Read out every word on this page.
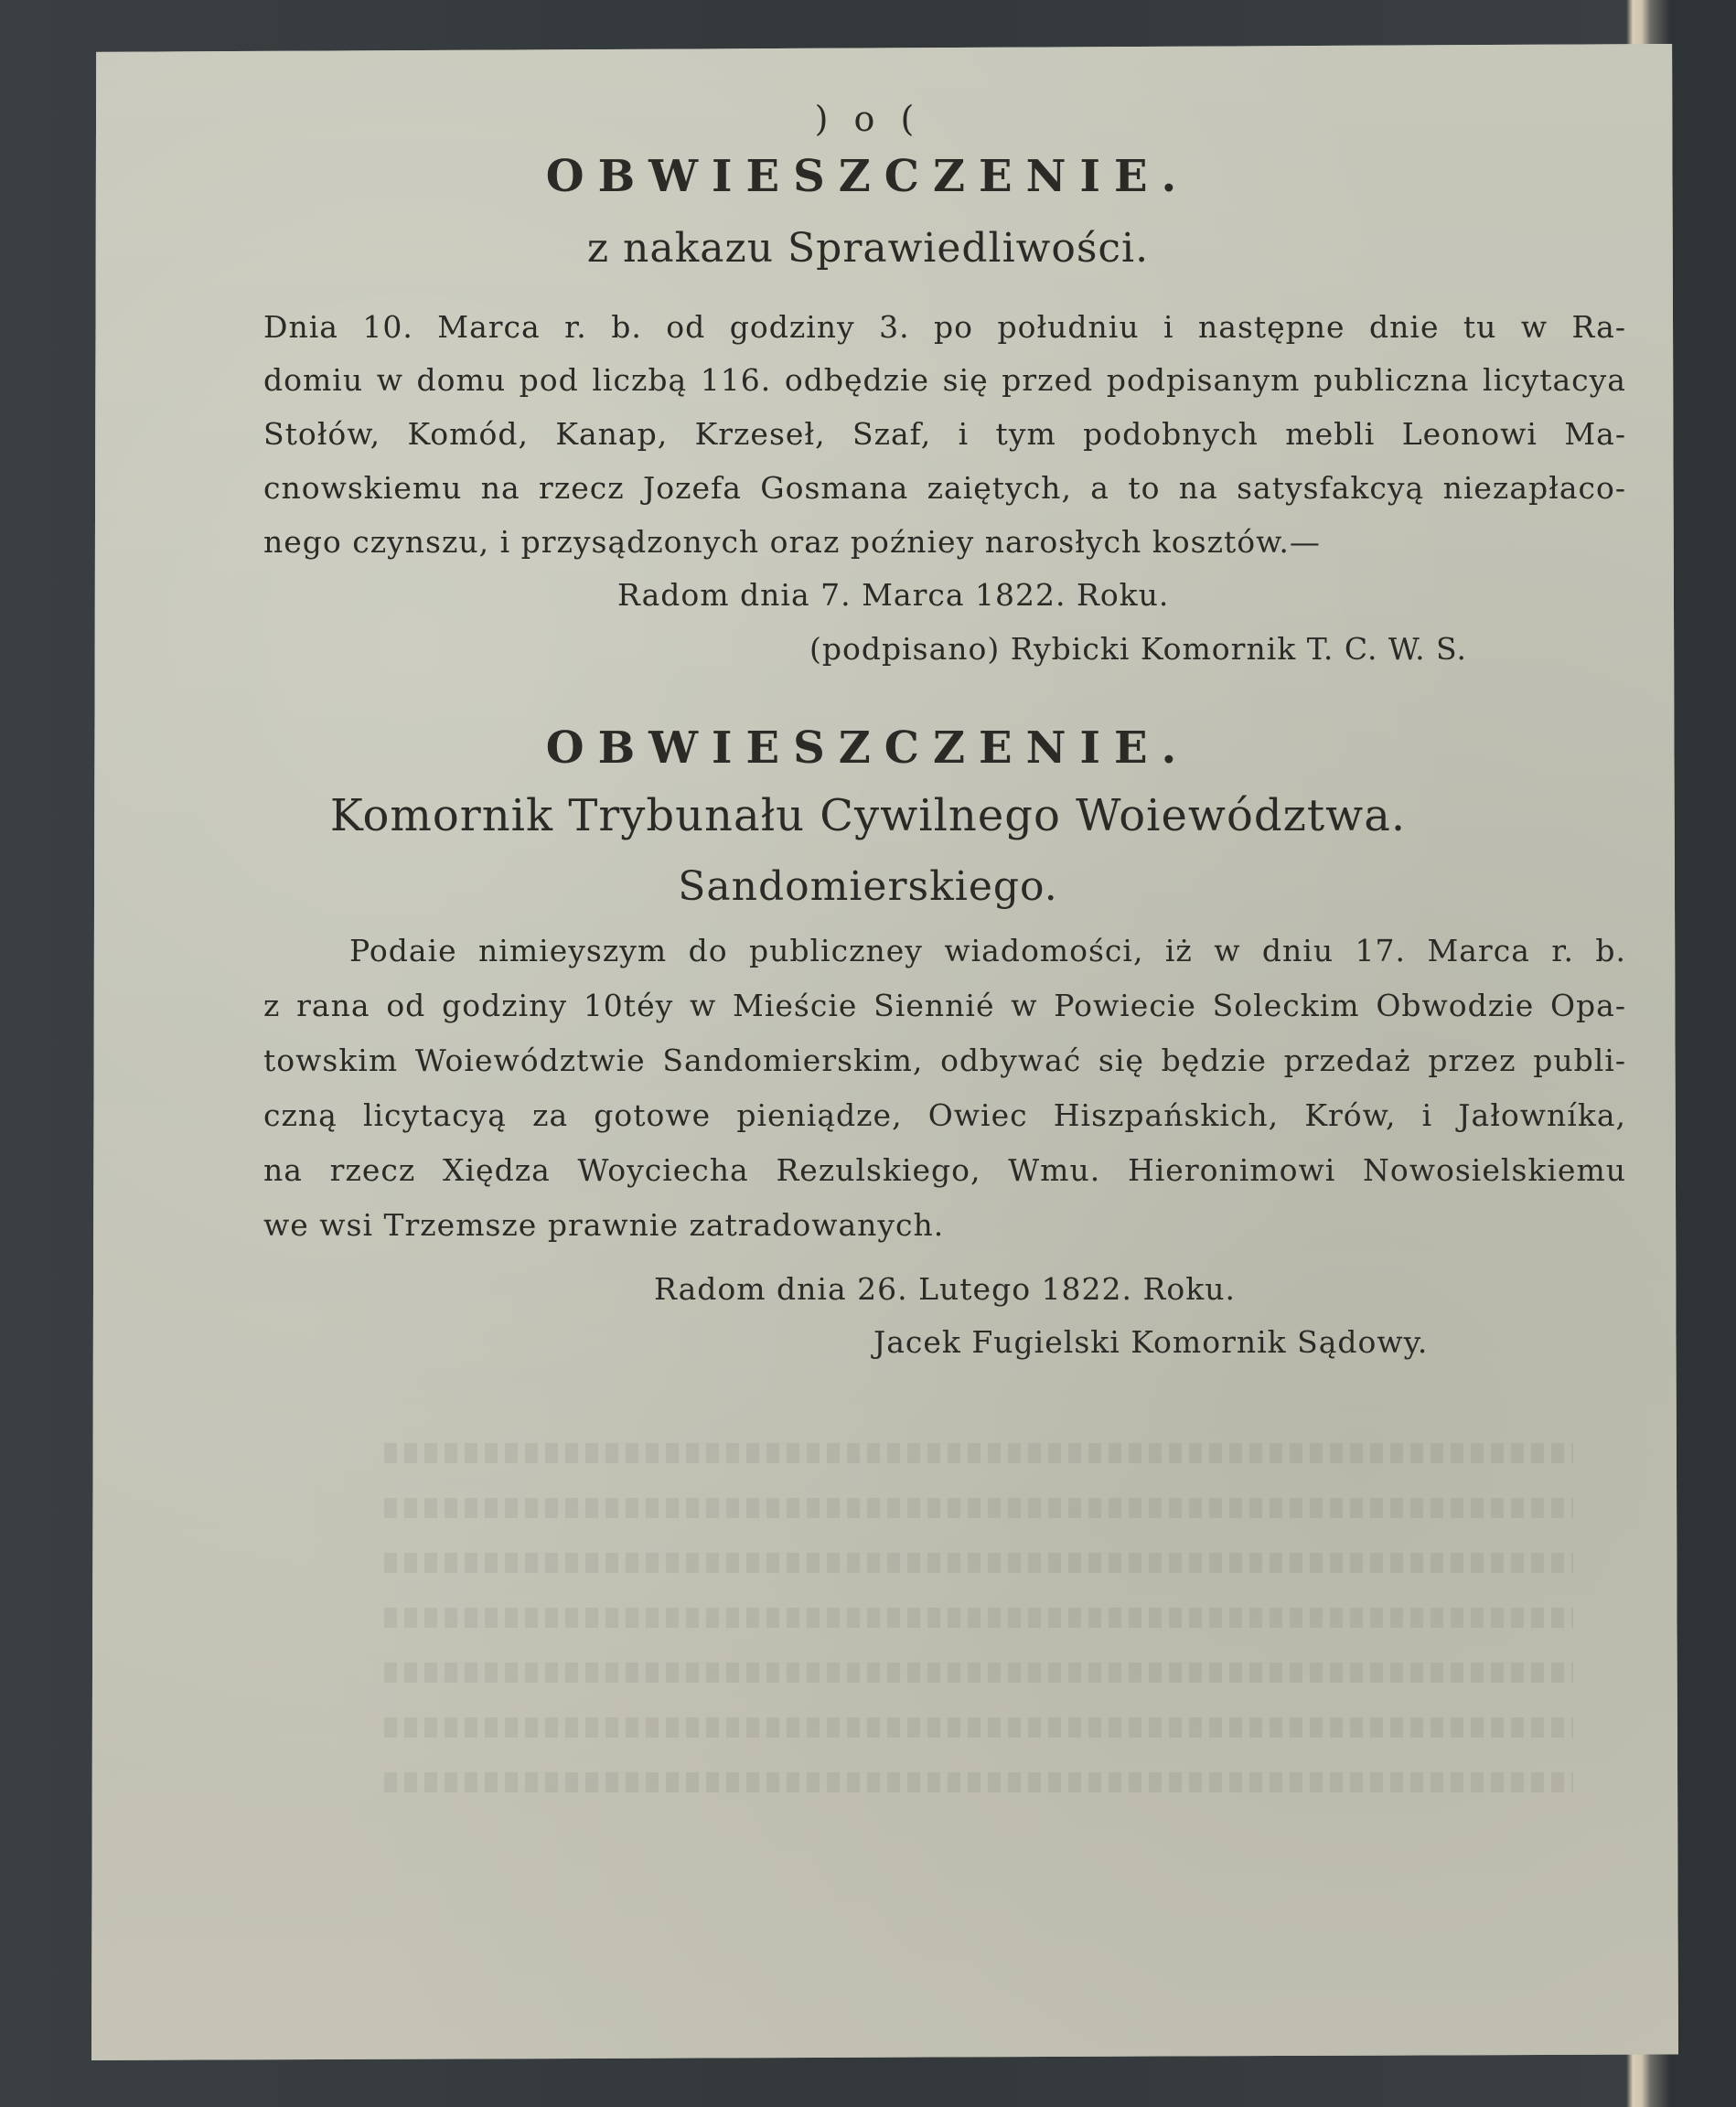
) o (
OBWIESZCZENIE.
z nakazu Sprawiedliwości.
Dnia 10. Marca r. b. od godziny 3. po południu i następne dnie tu w Ra-
domiu w domu pod liczbą 116. odbędzie się przed podpisanym publiczna licytacya
Stołów, Komód, Kanap, Krzeseł, Szaf, i tym podobnych mebli Leonowi Ma-
cnowskiemu na rzecz Jozefa Gosmana zaiętych, a to na satysfakcyą niezapłaco-
nego czynszu, i przysądzonych oraz poźniey narosłych kosztów.—
Radom dnia 7. Marca 1822. Roku.
(podpisano) Rybicki Komornik T. C. W. S.
OBWIESZCZENIE.
Komornik Trybunału Cywilnego Woiewództwa.
Sandomierskiego.
Podaie nimieyszym do publiczney wiadomości, iż w dniu 17. Marca r. b.
z rana od godziny 10téy w Mieście Siennié w Powiecie Soleckim Obwodzie Opa-
towskim Woiewództwie Sandomierskim, odbywać się będzie przedaż przez publi-
czną licytacyą za gotowe pieniądze, Owiec Hiszpańskich, Krów, i Jałowníka,
na rzecz Xiędza Woyciecha Rezulskiego, Wmu. Hieronimowi Nowosielskiemu
we wsi Trzemsze prawnie zatradowanych.
Radom dnia 26. Lutego 1822. Roku.
Jacek Fugielski Komornik Sądowy.
